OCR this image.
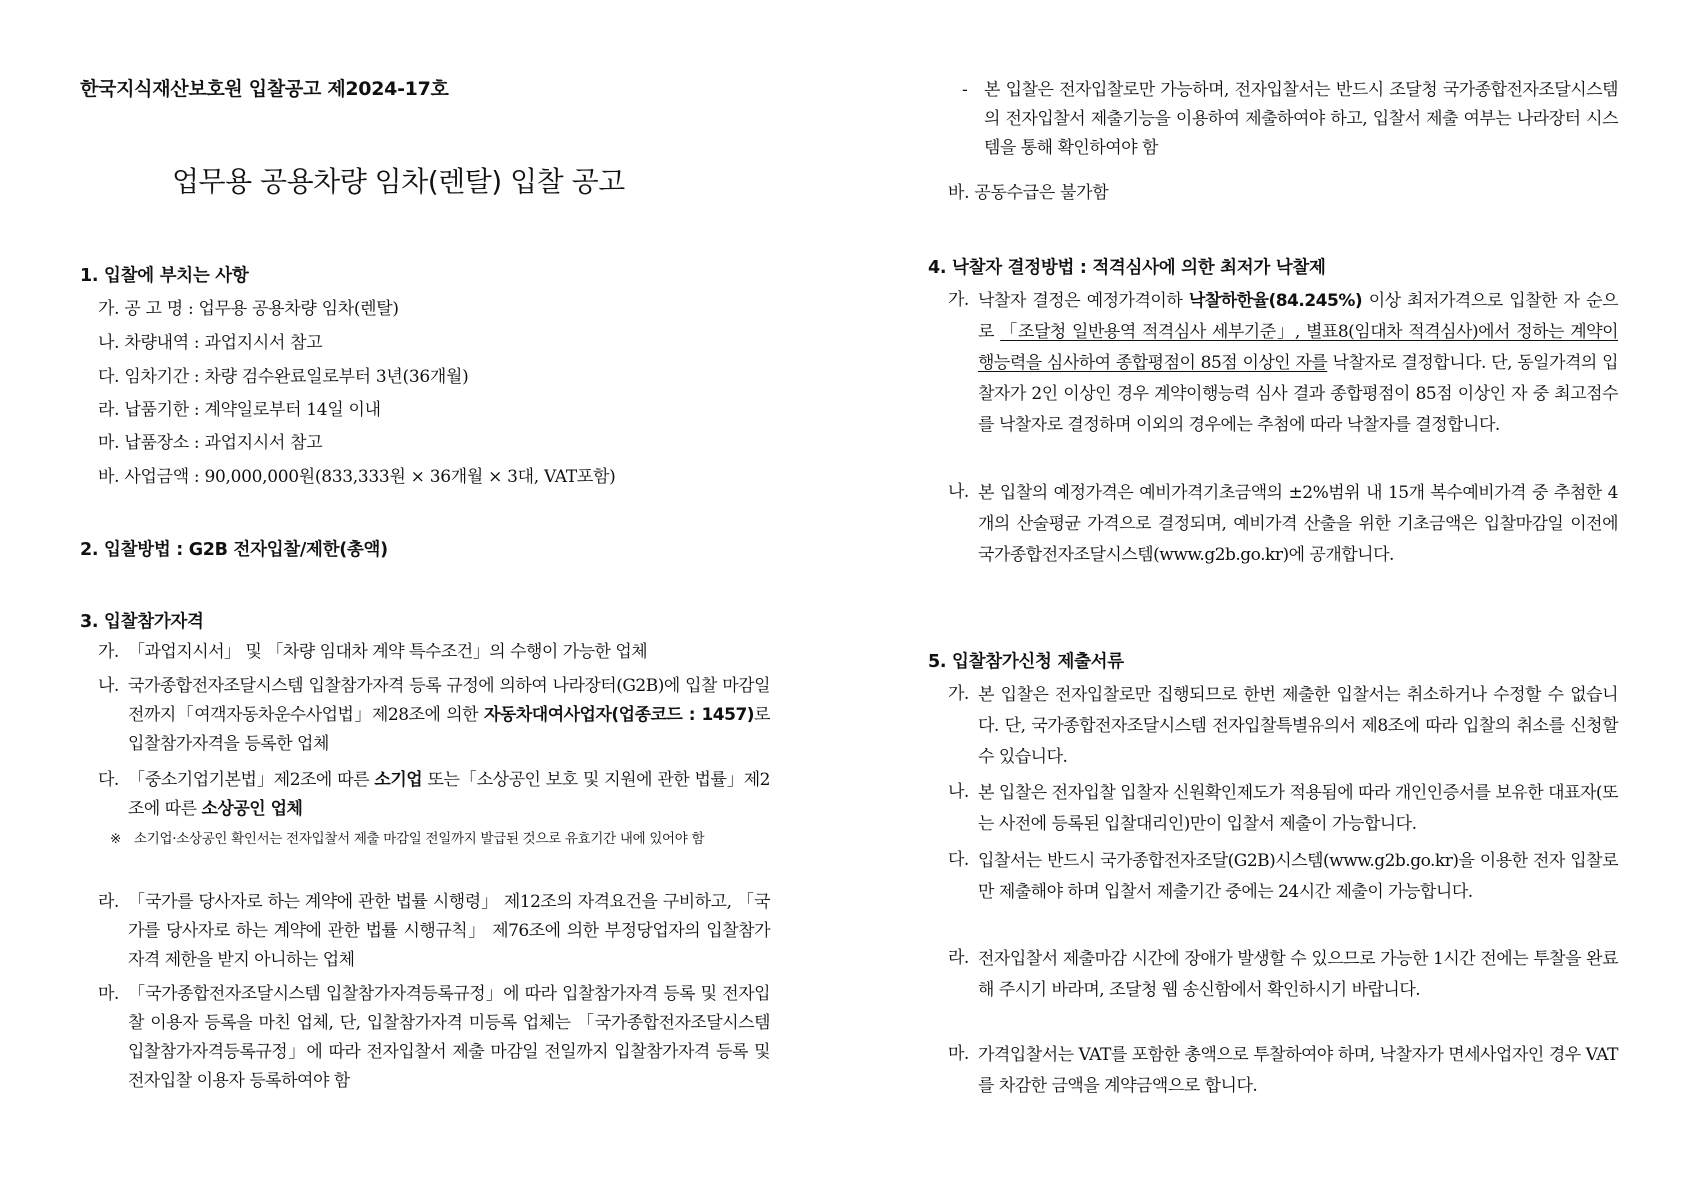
한국지식재산보호원 입찰공고 제2024-17호
업무용 공용차량 임차(렌탈) 입찰 공고
1. 입찰에 부치는 사항
가. 공 고 명 : 업무용 공용차량 임차(렌탈)
나. 차량내역 : 과업지시서 참고
다. 임차기간 : 차량 검수완료일로부터 3년(36개월)
라. 납품기한 : 계약일로부터 14일 이내
마. 납품장소 : 과업지시서 참고
바. 사업금액 : 90,000,000원(833,333원 × 36개월 × 3대, VAT포함)
2. 입찰방법 : G2B 전자입찰/제한(총액)
3. 입찰참가자격
가. 「과업지시서」 및 「차량 임대차 계약 특수조건」의 수행이 가능한 업체
나. 국가종합전자조달시스템 입찰참가자격 등록 규정에 의하여 나라장터(G2B)에 입찰 마감일 전까지「여객자동차운수사업법」제28조에 의한 자동차대여사업자(업종코드 : 1457)로 입찰참가자격을 등록한 업체
다. 「중소기업기본법」제2조에 따른 소기업 또는「소상공인 보호 및 지원에 관한 법률」제2조에 따른 소상공인 업체
※ 소기업·소상공인 확인서는 전자입찰서 제출 마감일 전일까지 발급된 것으로 유효기간 내에 있어야 함
라. 「국가를 당사자로 하는 계약에 관한 법률 시행령」 제12조의 자격요건을 구비하고, 「국가를 당사자로 하는 계약에 관한 법률 시행규칙」 제76조에 의한 부정당업자의 입찰참가자격 제한을 받지 아니하는 업체
마. 「국가종합전자조달시스템 입찰참가자격등록규정」에 따라 입찰참가자격 등록 및 전자입찰 이용자 등록을 마친 업체, 단, 입찰참가자격 미등록 업체는 「국가종합전자조달시스템 입찰참가자격등록규정」에 따라 전자입찰서 제출 마감일 전일까지 입찰참가자격 등록 및 전자입찰 이용자 등록하여야 함
- 본 입찰은 전자입찰로만 가능하며, 전자입찰서는 반드시 조달청 국가종합전자조달시스템의 전자입찰서 제출기능을 이용하여 제출하여야 하고, 입찰서 제출 여부는 나라장터 시스템을 통해 확인하여야 함
바. 공동수급은 불가함
4. 낙찰자 결정방법 : 적격심사에 의한 최저가 낙찰제
가. 낙찰자 결정은 예정가격이하 낙찰하한율(84.245%) 이상 최저가격으로 입찰한 자 순으로 「조달청 일반용역 적격심사 세부기준」, 별표8(임대차 적격심사)에서 정하는 계약이행능력을 심사하여 종합평점이 85점 이상인 자를 낙찰자로 결정합니다. 단, 동일가격의 입찰자가 2인 이상인 경우 계약이행능력 심사 결과 종합평점이 85점 이상인 자 중 최고점수를 낙찰자로 결정하며 이외의 경우에는 추첨에 따라 낙찰자를 결정합니다.
나. 본 입찰의 예정가격은 예비가격기초금액의 ±2%범위 내 15개 복수예비가격 중 추첨한 4개의 산술평균 가격으로 결정되며, 예비가격 산출을 위한 기초금액은 입찰마감일 이전에 국가종합전자조달시스템(www.g2b.go.kr)에 공개합니다.
5. 입찰참가신청 제출서류
가. 본 입찰은 전자입찰로만 집행되므로 한번 제출한 입찰서는 취소하거나 수정할 수 없습니다. 단, 국가종합전자조달시스템 전자입찰특별유의서 제8조에 따라 입찰의 취소를 신청할 수 있습니다.
나. 본 입찰은 전자입찰 입찰자 신원확인제도가 적용됨에 따라 개인인증서를 보유한 대표자(또는 사전에 등록된 입찰대리인)만이 입찰서 제출이 가능합니다.
다. 입찰서는 반드시 국가종합전자조달(G2B)시스템(www.g2b.go.kr)을 이용한 전자 입찰로만 제출해야 하며 입찰서 제출기간 중에는 24시간 제출이 가능합니다.
라. 전자입찰서 제출마감 시간에 장애가 발생할 수 있으므로 가능한 1시간 전에는 투찰을 완료해 주시기 바라며, 조달청 웹 송신함에서 확인하시기 바랍니다.
마. 가격입찰서는 VAT를 포함한 총액으로 투찰하여야 하며, 낙찰자가 면세사업자인 경우 VAT를 차감한 금액을 계약금액으로 합니다.
